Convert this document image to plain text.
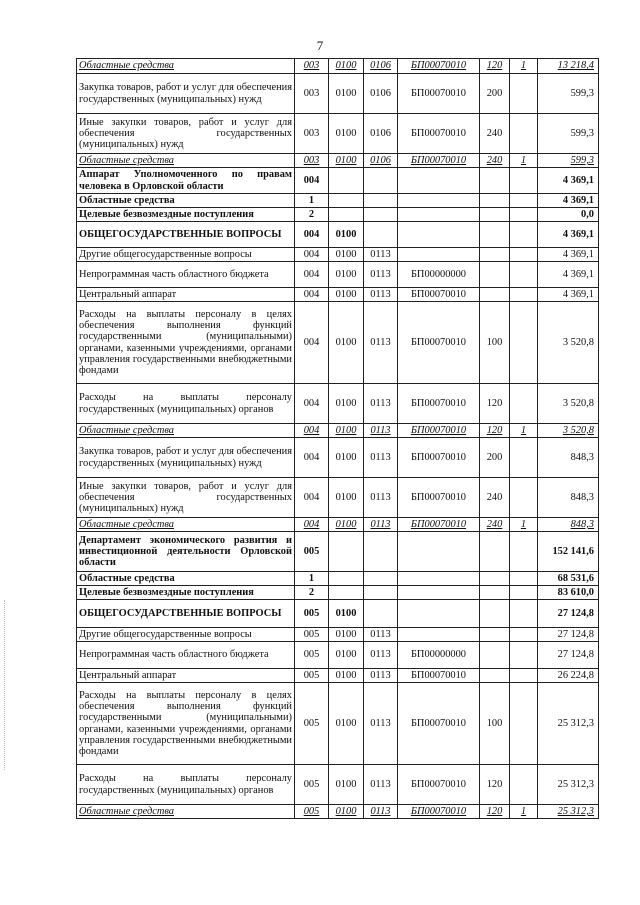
7
Областные средства	003	0100	0106	БП00070010	120	1	13 218,4
Закупка товаров, работ и услуг для обеспечения государственных (муниципальных) нужд	003	0100	0106	БП00070010	200		599,3
Иные закупки товаров, работ и услуг для обеспечения государственных (муниципальных) нужд	003	0100	0106	БП00070010	240		599,3
Областные средства	003	0100	0106	БП00070010	240	1	599,3
Аппарат Уполномоченного по правам человека в Орловской области	004						4 369,1
Областные средства	1						4 369,1
Целевые безвозмездные поступления	2						0,0
ОБЩЕГОСУДАРСТВЕННЫЕ ВОПРОСЫ	004	0100					4 369,1
Другие общегосударственные вопросы	004	0100	0113				4 369,1
Непрограммная часть областного бюджета	004	0100	0113	БП00000000			4 369,1
Центральный аппарат	004	0100	0113	БП00070010			4 369,1
Расходы на выплаты персоналу в целях обеспечения выполнения функций государственными (муниципальными) органами, казенными учреждениями, органами управления государственными внебюджетными фондами	004	0100	0113	БП00070010	100		3 520,8
Расходы на выплаты персоналу государственных (муниципальных) органов	004	0100	0113	БП00070010	120		3 520,8
Областные средства	004	0100	0113	БП00070010	120	1	3 520,8
Закупка товаров, работ и услуг для обеспечения государственных (муниципальных) нужд	004	0100	0113	БП00070010	200		848,3
Иные закупки товаров, работ и услуг для обеспечения государственных (муниципальных) нужд	004	0100	0113	БП00070010	240		848,3
Областные средства	004	0100	0113	БП00070010	240	1	848,3
Департамент экономического развития и инвестиционной деятельности Орловской области	005						152 141,6
Областные средства	1						68 531,6
Целевые безвозмездные поступления	2						83 610,0
ОБЩЕГОСУДАРСТВЕННЫЕ ВОПРОСЫ	005	0100					27 124,8
Другие общегосударственные вопросы	005	0100	0113				27 124,8
Непрограммная часть областного бюджета	005	0100	0113	БП00000000			27 124,8
Центральный аппарат	005	0100	0113	БП00070010			26 224,8
Расходы на выплаты персоналу в целях обеспечения выполнения функций государственными (муниципальными) органами, казенными учреждениями, органами управления государственными внебюджетными фондами	005	0100	0113	БП00070010	100		25 312,3
Расходы на выплаты персоналу государственных (муниципальных) органов	005	0100	0113	БП00070010	120		25 312,3
Областные средства	005	0100	0113	БП00070010	120	1	25 312,3
